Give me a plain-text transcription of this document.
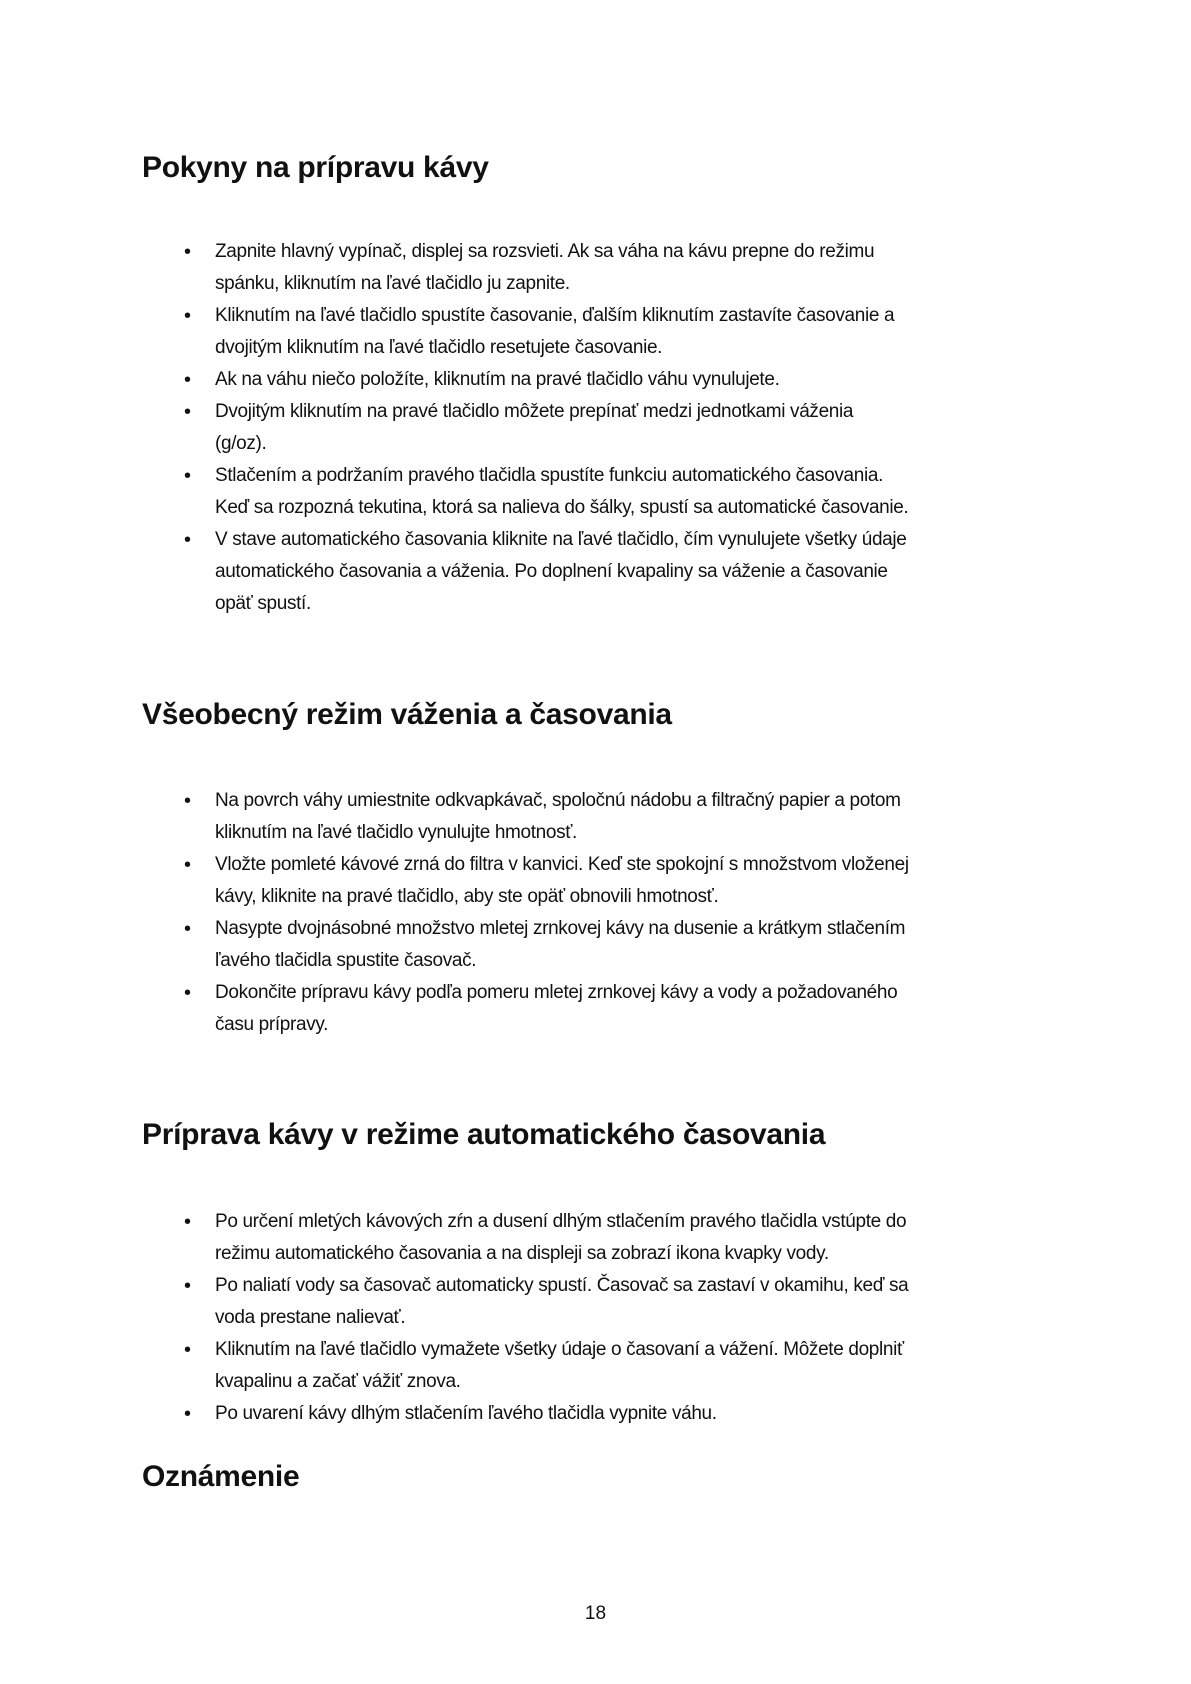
Pokyny na prípravu kávy
• Zapnite hlavný vypínač, displej sa rozsvieti. Ak sa váha na kávu prepne do režimu
spánku, kliknutím na ľavé tlačidlo ju zapnite.
• Kliknutím na ľavé tlačidlo spustíte časovanie, ďalším kliknutím zastavíte časovanie a
dvojitým kliknutím na ľavé tlačidlo resetujete časovanie.
• Ak na váhu niečo položíte, kliknutím na pravé tlačidlo váhu vynulujete.
• Dvojitým kliknutím na pravé tlačidlo môžete prepínať medzi jednotkami váženia
(g/oz).
• Stlačením a podržaním pravého tlačidla spustíte funkciu automatického časovania.
Keď sa rozpozná tekutina, ktorá sa nalieva do šálky, spustí sa automatické časovanie.
• V stave automatického časovania kliknite na ľavé tlačidlo, čím vynulujete všetky údaje
automatického časovania a váženia. Po doplnení kvapaliny sa váženie a časovanie
opäť spustí.
Všeobecný režim váženia a časovania
• Na povrch váhy umiestnite odkvapkávač, spoločnú nádobu a filtračný papier a potom
kliknutím na ľavé tlačidlo vynulujte hmotnosť.
• Vložte pomleté kávové zrná do filtra v kanvici. Keď ste spokojní s množstvom vloženej
kávy, kliknite na pravé tlačidlo, aby ste opäť obnovili hmotnosť.
• Nasypte dvojnásobné množstvo mletej zrnkovej kávy na dusenie a krátkym stlačením
ľavého tlačidla spustite časovač.
• Dokončite prípravu kávy podľa pomeru mletej zrnkovej kávy a vody a požadovaného
času prípravy.
Príprava kávy v režime automatického časovania
• Po určení mletých kávových zŕn a dusení dlhým stlačením pravého tlačidla vstúpte do
režimu automatického časovania a na displeji sa zobrazí ikona kvapky vody.
• Po naliatí vody sa časovač automaticky spustí. Časovač sa zastaví v okamihu, keď sa
voda prestane nalievať.
• Kliknutím na ľavé tlačidlo vymažete všetky údaje o časovaní a vážení. Môžete doplniť
kvapalinu a začať vážiť znova.
• Po uvarení kávy dlhým stlačením ľavého tlačidla vypnite váhu.
Oznámenie
18
